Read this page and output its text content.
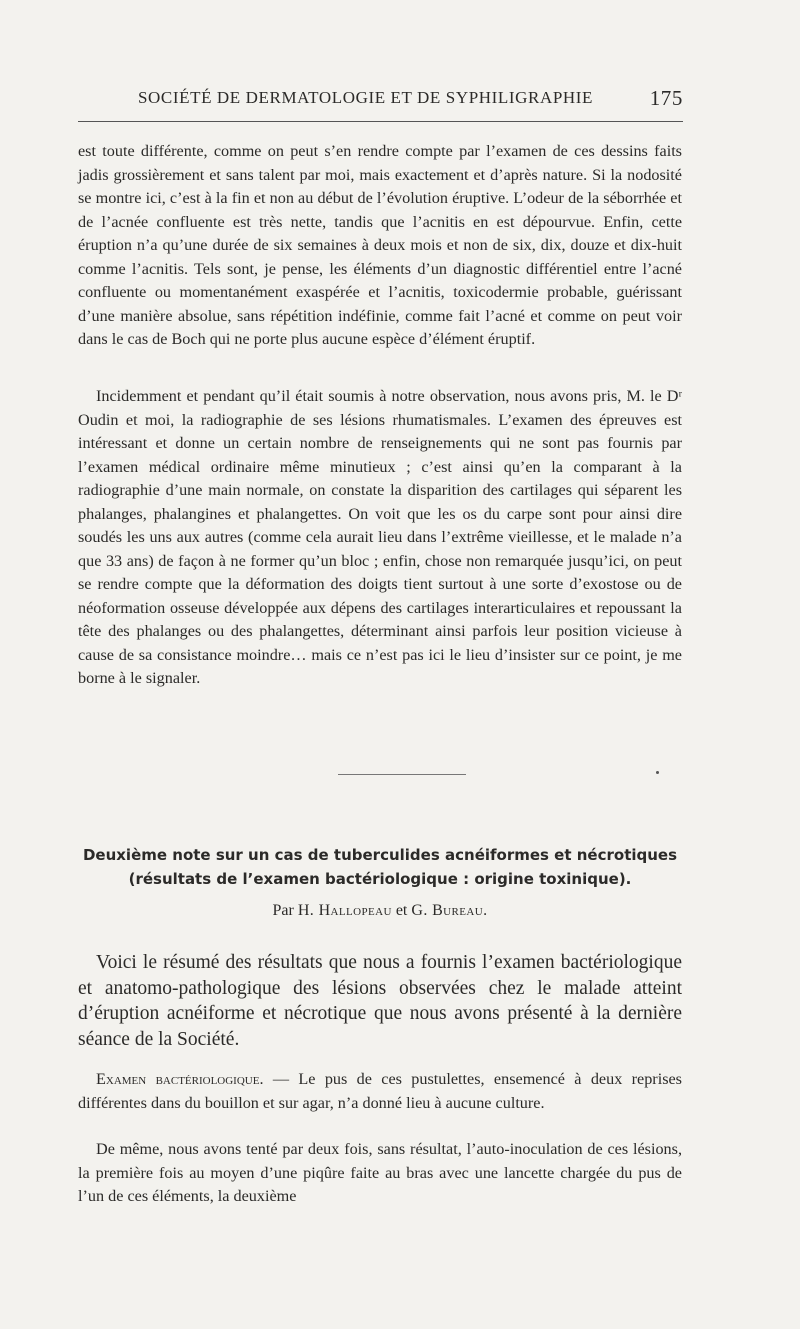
SOCIÉTÉ DE DERMATOLOGIE ET DE SYPHILIGRAPHIE	175

est toute différente, comme on peut s’en rendre compte par l’examen de ces dessins faits jadis grossièrement et sans talent par moi, mais exactement et d’après nature. Si la nodosité se montre ici, c’est à la fin et non au début de l’évolution éruptive. L’odeur de la séborrhée et de l’acnée confluente est très nette, tandis que l’acnitis en est dépourvue. Enfin, cette éruption n’a qu’une durée de six semaines à deux mois et non de six, dix, douze et dix-huit comme l’acnitis. Tels sont, je pense, les éléments d’un diagnostic différentiel entre l’acné confluente ou momentanément exaspérée et l’acnitis, toxicodermie probable, guérissant d’une manière absolue, sans répétition indéfinie, comme fait l’acné et comme on peut voir dans le cas de Boch qui ne porte plus aucune espèce d’élément éruptif.

Incidemment et pendant qu’il était soumis à notre observation, nous avons pris, M. le Dʳ Oudin et moi, la radiographie de ses lésions rhumatismales. L’examen des épreuves est intéressant et donne un certain nombre de renseignements qui ne sont pas fournis par l’examen médical ordinaire même minutieux ; c’est ainsi qu’en la comparant à la radiographie d’une main normale, on constate la disparition des cartilages qui séparent les phalanges, phalangines et phalangettes. On voit que les os du carpe sont pour ainsi dire soudés les uns aux autres (comme cela aurait lieu dans l’extrême vieillesse, et le malade n’a que 33 ans) de façon à ne former qu’un bloc ; enfin, chose non remarquée jusqu’ici, on peut se rendre compte que la déformation des doigts tient surtout à une sorte d’exostose ou de néoformation osseuse développée aux dépens des cartilages interarticulaires et repoussant la tête des phalanges ou des phalangettes, déterminant ainsi parfois leur position vicieuse à cause de sa consistance moindre… mais ce n’est pas ici le lieu d’insister sur ce point, je me borne à le signaler.

Deuxième note sur un cas de tuberculides acnéiformes et nécrotiques
(résultats de l’examen bactériologique : origine toxinique).
Par H. Hallopeau et G. Bureau.
Voici le résumé des résultats que nous a fournis l’examen bactériologique et anatomo-pathologique des lésions observées chez le malade atteint d’éruption acnéiforme et nécrotique que nous avons présenté à la dernière séance de la Société.

Examen bactériologique. — Le pus de ces pustulettes, ensemencé à deux reprises différentes dans du bouillon et sur agar, n’a donné lieu à aucune culture.

De même, nous avons tenté par deux fois, sans résultat, l’auto-inoculation de ces lésions, la première fois au moyen d’une piqûre faite au bras avec une lancette chargée du pus de l’un de ces éléments, la deuxième
